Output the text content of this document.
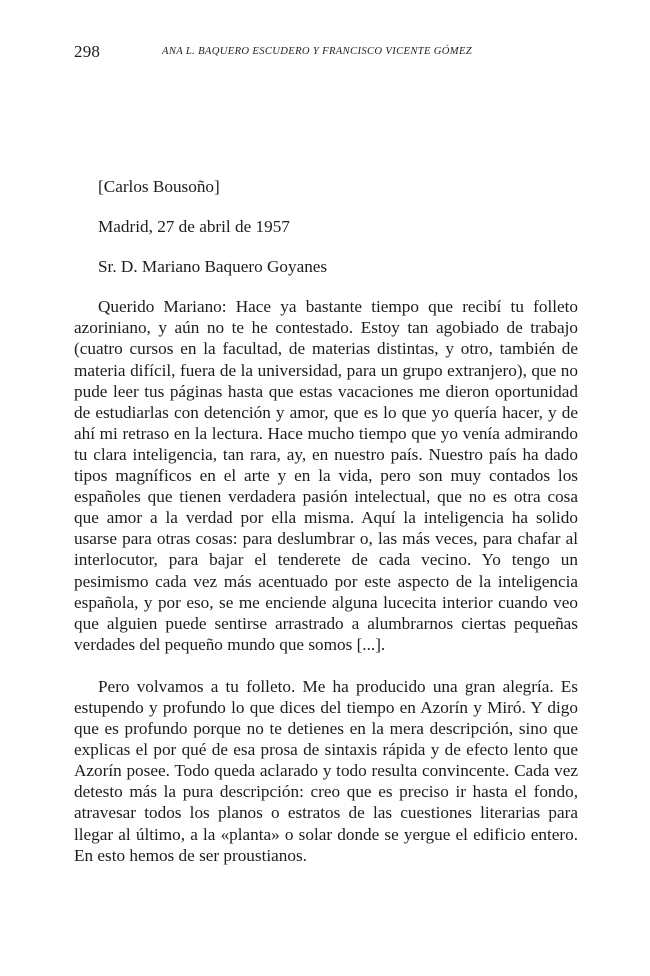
298	ANA L. BAQUERO ESCUDERO Y FRANCISCO VICENTE GÓMEZ

[Carlos Bousoño]

Madrid, 27 de abril de 1957

Sr. D. Mariano Baquero Goyanes

Querido Mariano: Hace ya bastante tiempo que recibí tu folleto azoriniano, y aún no te he contestado. Estoy tan agobiado de trabajo (cuatro cursos en la facultad, de materias distintas, y otro, también de materia difícil, fuera de la universidad, para un grupo extranjero), que no pude leer tus páginas hasta que estas vacaciones me dieron oportunidad de estudiarlas con detención y amor, que es lo que yo quería hacer, y de ahí mi retraso en la lectura. Hace mucho tiempo que yo venía admirando tu clara inteligencia, tan rara, ay, en nuestro país. Nuestro país ha dado tipos magníficos en el arte y en la vida, pero son muy contados los españoles que tienen verdadera pasión intelectual, que no es otra cosa que amor a la verdad por ella misma. Aquí la inteligencia ha solido usarse para otras cosas: para deslumbrar o, las más veces, para chafar al interlocutor, para bajar el tenderete de cada vecino. Yo tengo un pesimismo cada vez más acentuado por este aspecto de la inteligencia española, y por eso, se me enciende alguna lucecita interior cuando veo que alguien puede sentirse arrastrado a alumbrarnos ciertas pequeñas verdades del pequeño mundo que somos [...].

Pero volvamos a tu folleto. Me ha producido una gran alegría. Es estupendo y profundo lo que dices del tiempo en Azorín y Miró. Y digo que es profundo porque no te detienes en la mera descripción, sino que explicas el por qué de esa prosa de sintaxis rápida y de efecto lento que Azorín posee. Todo queda aclarado y todo resulta convincente. Cada vez detesto más la pura descripción: creo que es preciso ir hasta el fondo, atravesar todos los planos o estratos de las cuestiones literarias para llegar al último, a la «planta» o solar donde se yergue el edificio entero. En esto hemos de ser proustianos.
